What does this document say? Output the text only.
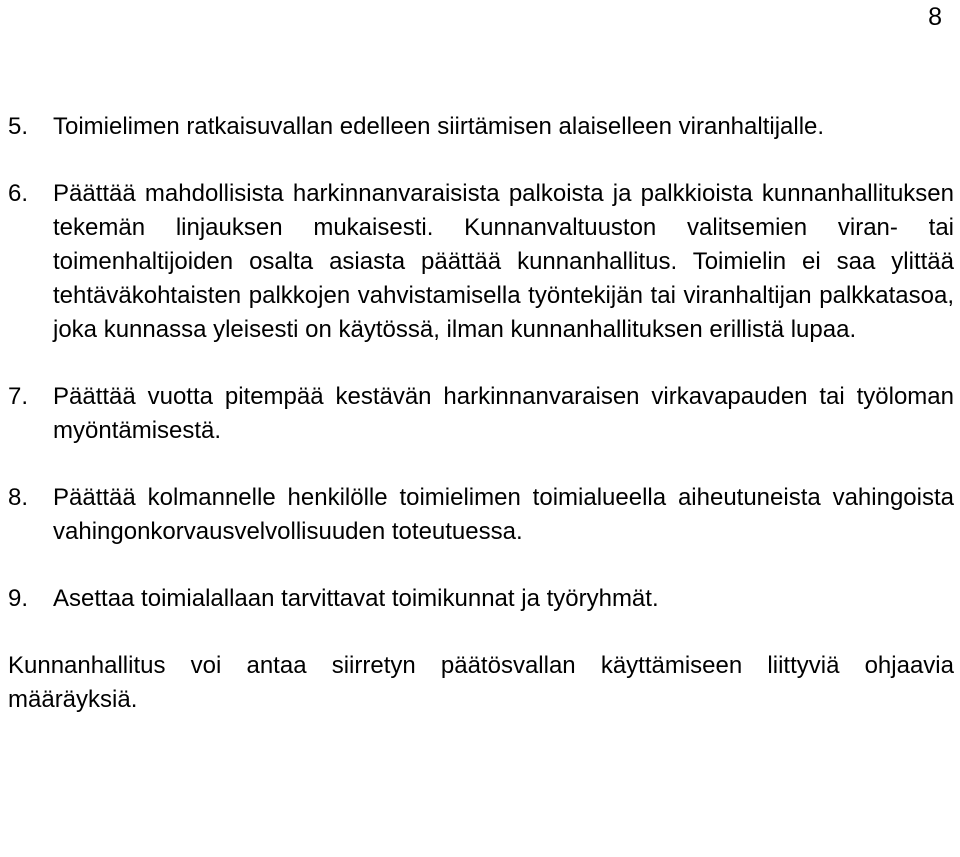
8
5.	Toimielimen ratkaisuvallan edelleen siirtämisen alaiselleen viranhaltijalle.
6.	Päättää mahdollisista harkinnanvaraisista palkoista ja palkkioista kunnanhallituksen tekemän linjauksen mukaisesti. Kunnanvaltuuston valitsemien viran- tai toimenhaltijoiden osalta asiasta päättää kunnanhallitus. Toimielin ei saa ylittää tehtäväkohtaisten palkkojen vahvistamisella työntekijän tai viranhaltijan palkkatasoa, joka kunnassa yleisesti on käytössä, ilman kunnanhallituksen erillistä lupaa.
7.	Päättää vuotta pitempää kestävän harkinnanvaraisen virkavapauden tai työloman myöntämisestä.
8.	Päättää kolmannelle henkilölle toimielimen toimialueella aiheutuneista vahingoista vahingonkorvausvelvollisuuden toteutuessa.
9.	Asettaa toimialallaan tarvittavat toimikunnat ja työryhmät.
Kunnanhallitus voi antaa siirretyn päätösvallan käyttämiseen liittyviä ohjaavia määräyksiä.
